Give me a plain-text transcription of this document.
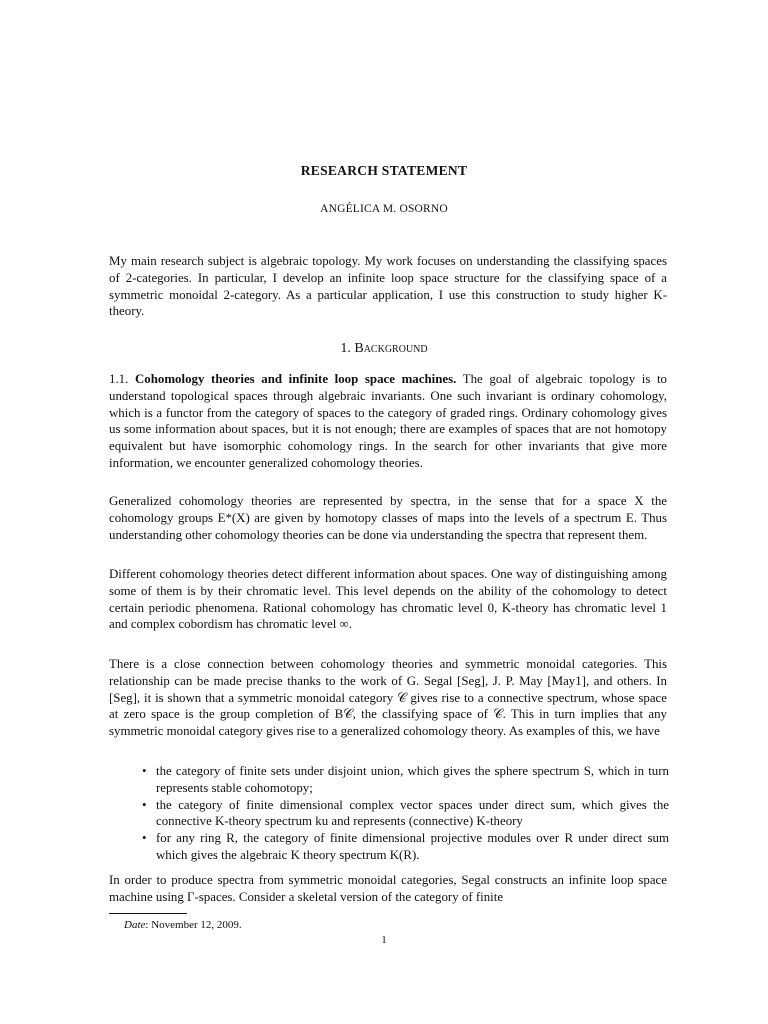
RESEARCH STATEMENT
ANGÉLICA M. OSORNO

My main research subject is algebraic topology. My work focuses on understanding the classifying spaces of 2-categories. In particular, I develop an infinite loop space structure for the classifying space of a symmetric monoidal 2-category. As a particular application, I use this construction to study higher K-theory.

1. Background

1.1. Cohomology theories and infinite loop space machines. The goal of algebraic topology is to understand topological spaces through algebraic invariants. One such invariant is ordinary cohomology, which is a functor from the category of spaces to the category of graded rings. Ordinary cohomology gives us some information about spaces, but it is not enough; there are examples of spaces that are not homotopy equivalent but have isomorphic cohomology rings. In the search for other invariants that give more information, we encounter generalized cohomology theories.

Generalized cohomology theories are represented by spectra, in the sense that for a space X the cohomology groups E*(X) are given by homotopy classes of maps into the levels of a spectrum E. Thus understanding other cohomology theories can be done via understanding the spectra that represent them.

Different cohomology theories detect different information about spaces. One way of distinguishing among some of them is by their chromatic level. This level depends on the ability of the cohomology to detect certain periodic phenomena. Rational cohomology has chromatic level 0, K-theory has chromatic level 1 and complex cobordism has chromatic level ∞.

There is a close connection between cohomology theories and symmetric monoidal categories. This relationship can be made precise thanks to the work of G. Segal [Seg], J. P. May [May1], and others. In [Seg], it is shown that a symmetric monoidal category 𝒞 gives rise to a connective spectrum, whose space at zero space is the group completion of B𝒞, the classifying space of 𝒞. This in turn implies that any symmetric monoidal category gives rise to a generalized cohomology theory. As examples of this, we have

• the category of finite sets under disjoint union, which gives the sphere spectrum S, which in turn represents stable cohomotopy;
• the category of finite dimensional complex vector spaces under direct sum, which gives the connective K-theory spectrum ku and represents (connective) K-theory
• for any ring R, the category of finite dimensional projective modules over R under direct sum which gives the algebraic K theory spectrum K(R).

In order to produce spectra from symmetric monoidal categories, Segal constructs an infinite loop space machine using Γ-spaces. Consider a skeletal version of the category of finite

Date: November 12, 2009.
1
